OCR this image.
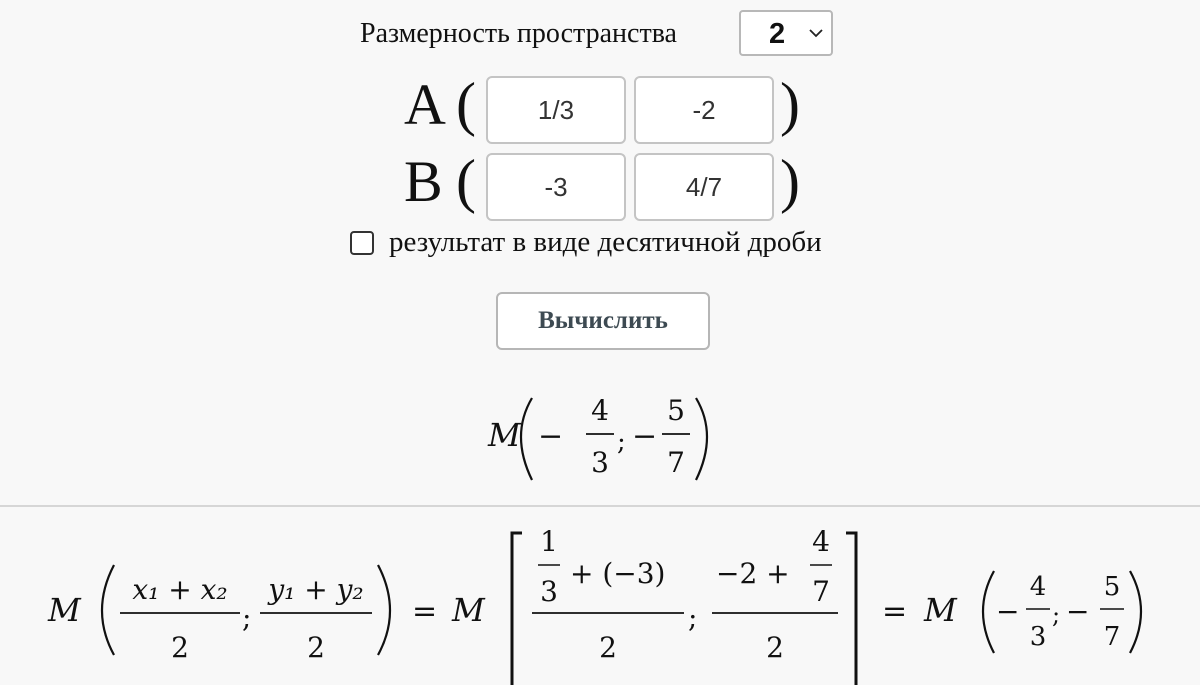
Размерность пространства	2
A (	1/3	-2	)
B (	-3	4/7 )
результат в виде десятичной дроби
Вычислить
M −
4
3
; −
5
7
M
x₁ + x₂
2
;
y₁ + y₂
2
= M
1
3
+ (−3)
2
;
−2 +
4
7
2
= M −
4
3
; −
5
7
